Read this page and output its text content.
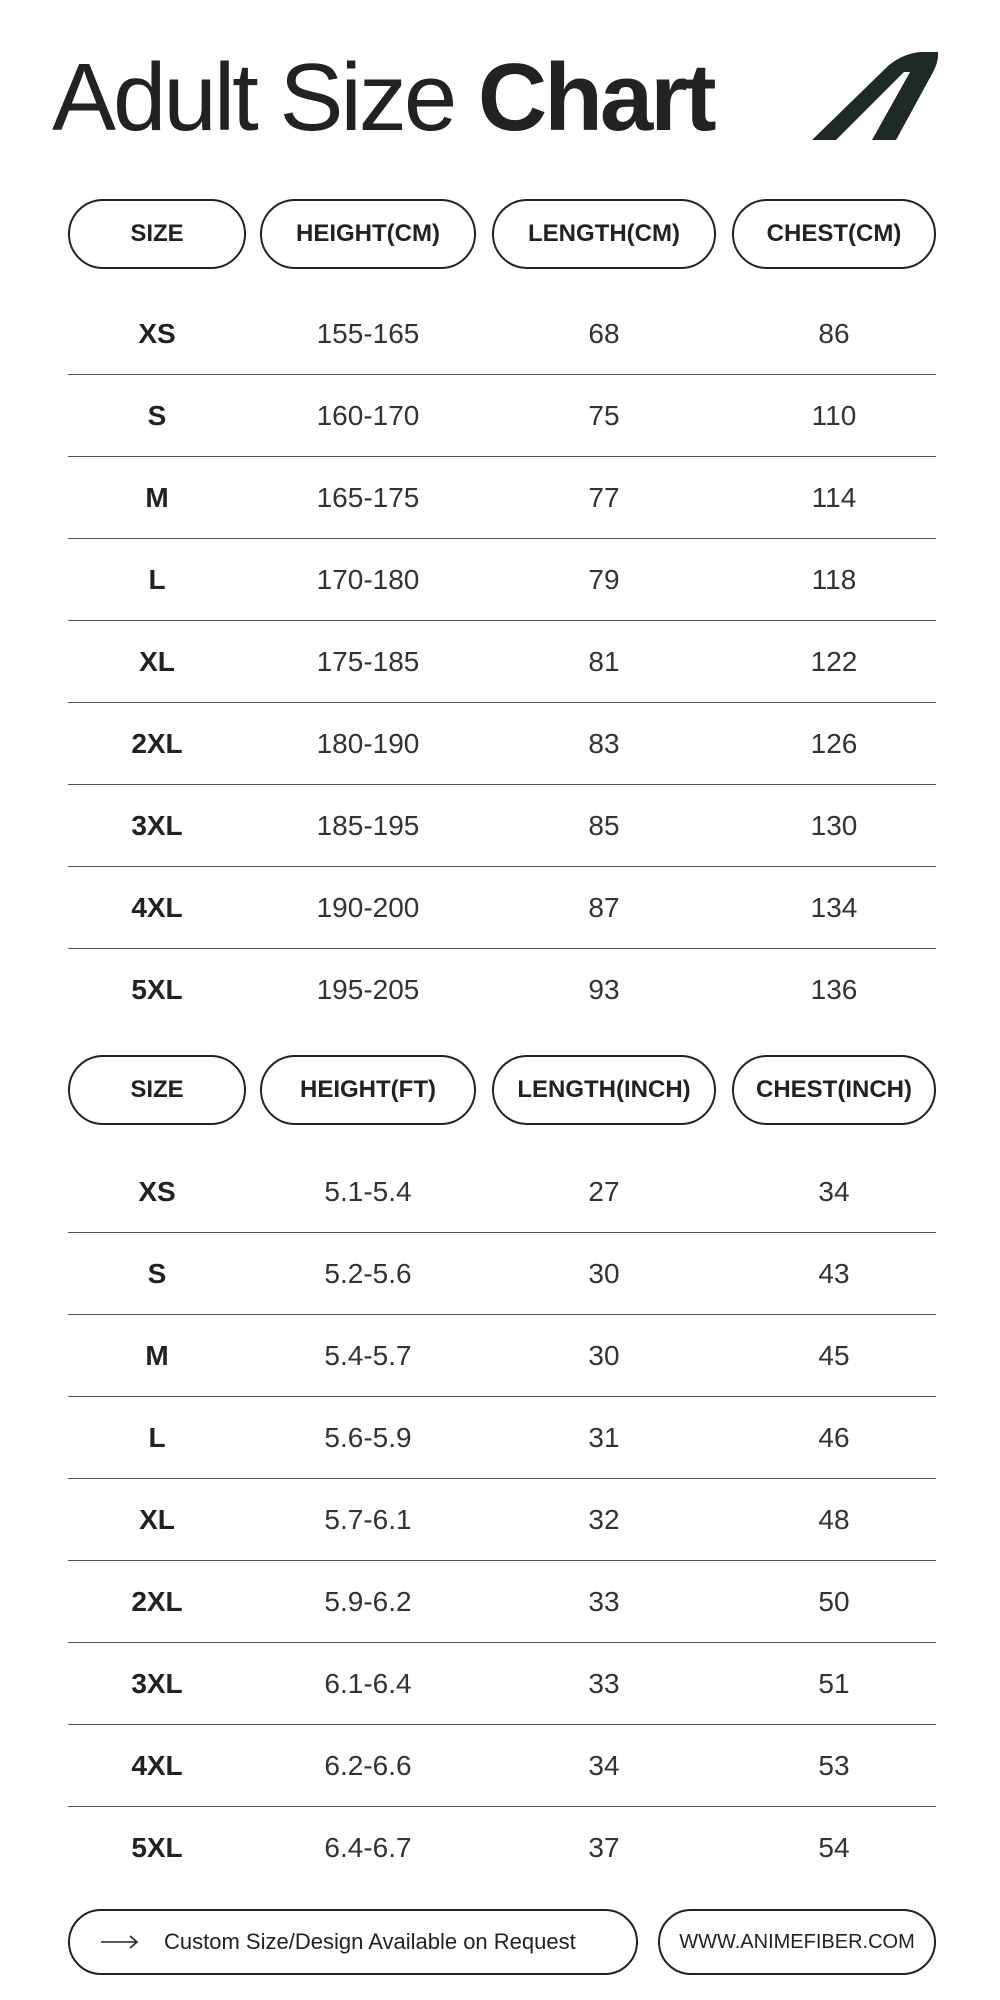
Adult Size Chart
SIZE	HEIGHT(CM)	LENGTH(CM)	CHEST(CM)
XS	155-165	68	86
S	160-170	75	110
M	165-175	77	114
L	170-180	79	118
XL	175-185	81	122
2XL	180-190	83	126
3XL	185-195	85	130
4XL	190-200	87	134
5XL	195-205	93	136
SIZE	HEIGHT(FT)	LENGTH(INCH)	CHEST(INCH)
XS	5.1-5.4	27	34
S	5.2-5.6	30	43
M	5.4-5.7	30	45
L	5.6-5.9	31	46
XL	5.7-6.1	32	48
2XL	5.9-6.2	33	50
3XL	6.1-6.4	33	51
4XL	6.2-6.6	34	53
5XL	6.4-6.7	37	54
Custom Size/Design Available on Request	WWW.ANIMEFIBER.COM
